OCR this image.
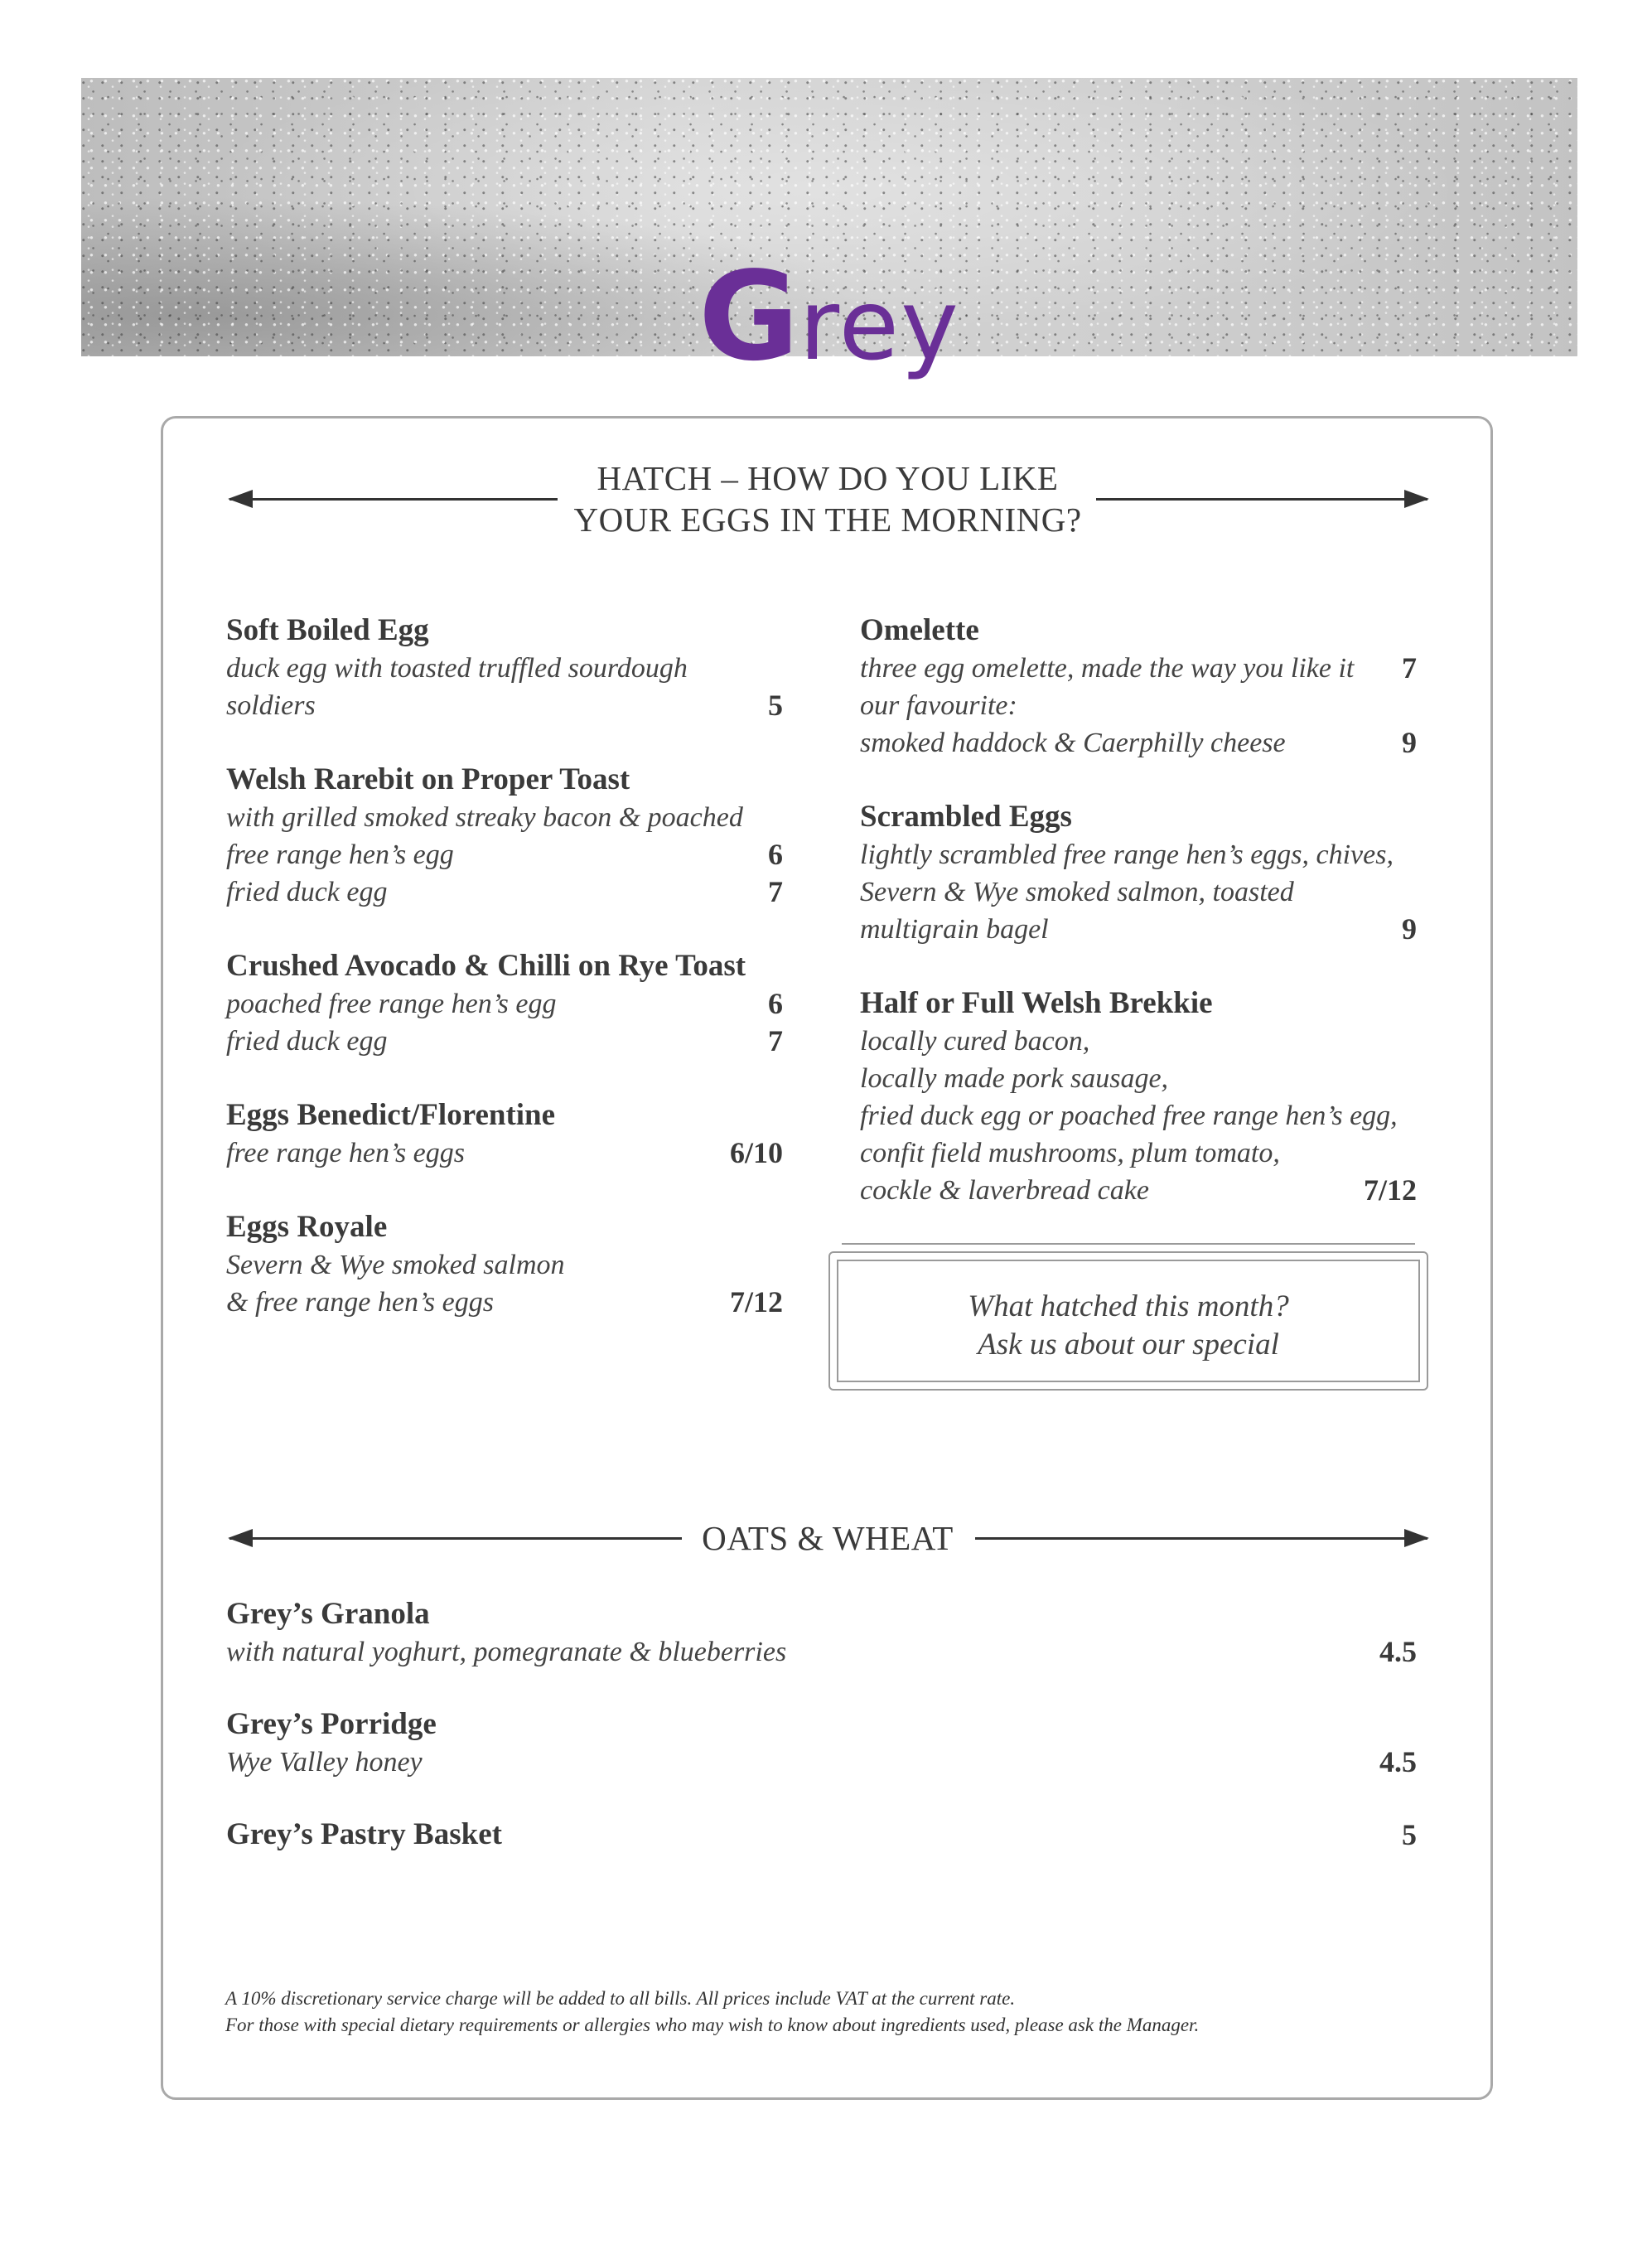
Grey
HATCH – HOW DO YOU LIKE
YOUR EGGS IN THE MORNING?
Soft Boiled Egg
duck egg with toasted truffled sourdough
soldiers	5
Welsh Rarebit on Proper Toast
with grilled smoked streaky bacon & poached
free range hen’s egg	6
fried duck egg	7
Crushed Avocado & Chilli on Rye Toast
poached free range hen’s egg	6
fried duck egg	7
Eggs Benedict/Florentine
free range hen’s eggs	6/10
Eggs Royale
Severn & Wye smoked salmon
& free range hen’s eggs	7/12
Omelette
three egg omelette, made the way you like it 7
our favourite:
smoked haddock & Caerphilly cheese	9
Scrambled Eggs
lightly scrambled free range hen’s eggs, chives,
Severn & Wye smoked salmon, toasted
multigrain bagel	9
Half or Full Welsh Brekkie
locally cured bacon,
locally made pork sausage,
fried duck egg or poached free range hen’s egg,
confit field mushrooms, plum tomato,
cockle & laverbread cake	7/12
What hatched this month?
Ask us about our special
OATS & WHEAT
Grey’s Granola
with natural yoghurt, pomegranate & blueberries	4.5
Grey’s Porridge
Wye Valley honey	4.5
Grey’s Pastry Basket	5
A 10% discretionary service charge will be added to all bills. All prices include VAT at the current rate.
For those with special dietary requirements or allergies who may wish to know about ingredients used, please ask the Manager.
